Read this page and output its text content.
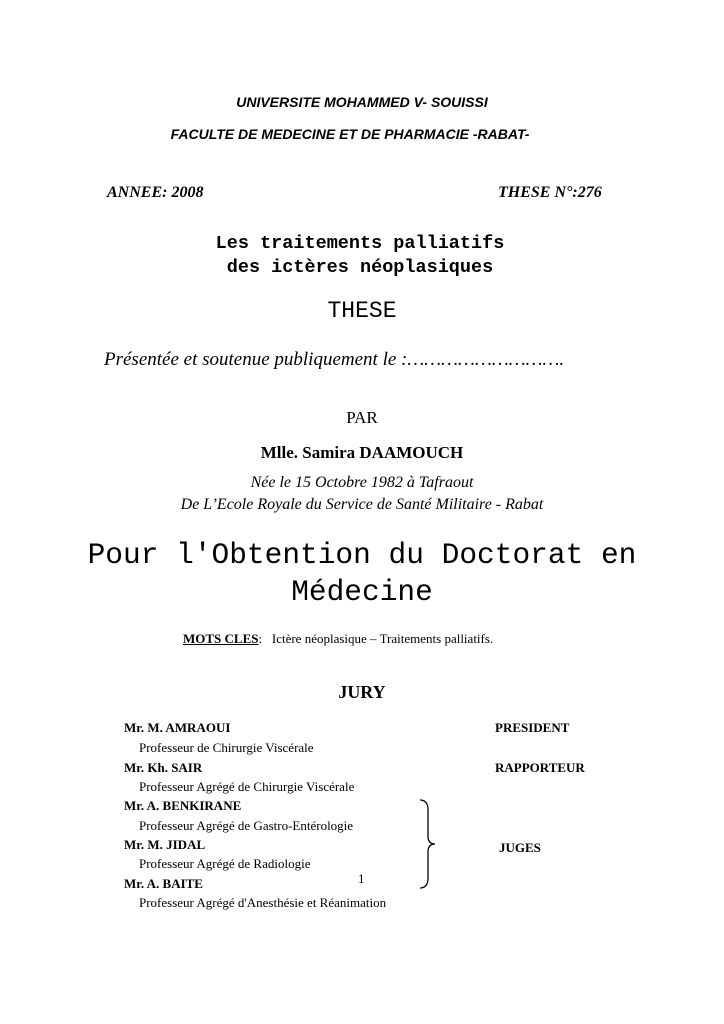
UNIVERSITE MOHAMMED V- SOUISSI
FACULTE DE MEDECINE ET DE PHARMACIE -RABAT-
ANNEE: 2008	THESE N°:276
Les traitements palliatifs
des ictères néoplasiques
THESE
Présentée et soutenue publiquement le :……………………….
PAR
Mlle. Samira DAAMOUCH
Née le 15 Octobre 1982 à Tafraout
De L’Ecole Royale du Service de Santé Militaire - Rabat
Pour l'Obtention du Doctorat en
Médecine
MOTS CLES: Ictère néoplasique – Traitements palliatifs.
JURY
Mr. M. AMRAOUI
Professeur de Chirurgie Viscérale
PRESIDENT
Mr. Kh. SAIR
Professeur Agrégé de Chirurgie Viscérale
RAPPORTEUR
Mr. A. BENKIRANE
Professeur Agrégé de Gastro-Entérologie
Mr. M. JIDAL
Professeur Agrégé de Radiologie
Mr. A. BAITE
Professeur Agrégé d'Anesthésie et Réanimation
JUGES
1
